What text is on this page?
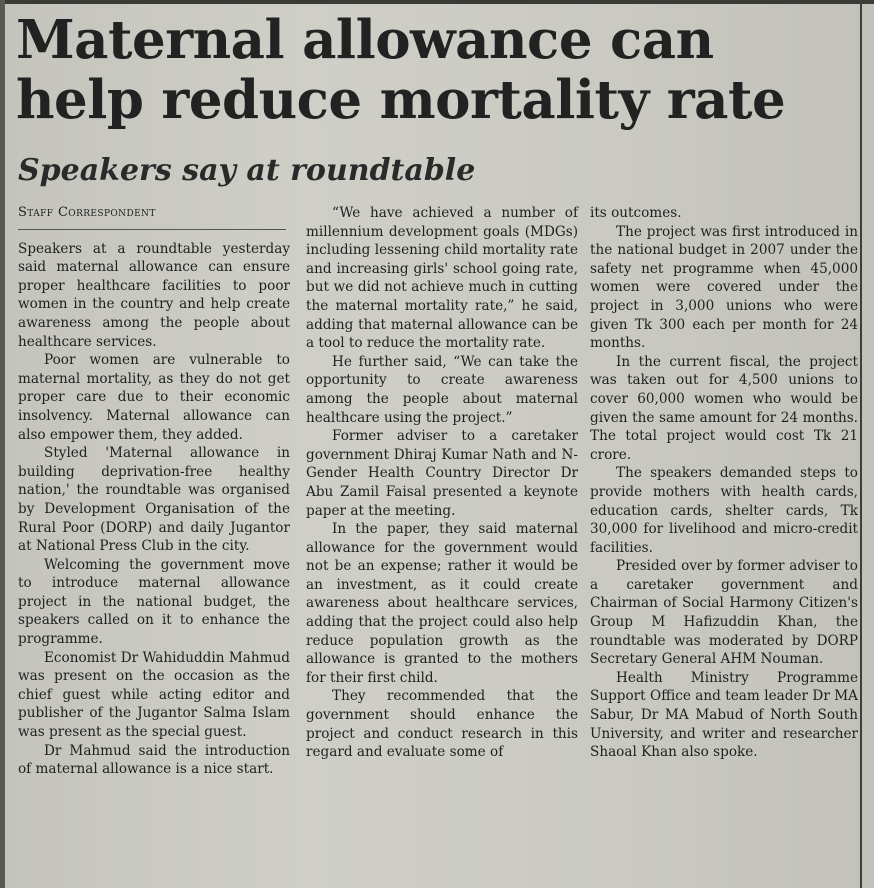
Maternal allowance can help reduce mortality rate
Speakers say at roundtable
Staff Correspondent

Speakers at a roundtable yesterday said maternal allowance can ensure proper healthcare facilities to poor women in the country and help create awareness among the people about healthcare services.

Poor women are vulnerable to maternal mortality, as they do not get proper care due to their economic insolvency. Maternal allowance can also empower them, they added.

Styled 'Maternal allowance in building deprivation-free healthy nation,' the roundtable was organised by Development Organisation of the Rural Poor (DORP) and daily Jugantor at National Press Club in the city.

Welcoming the government move to introduce maternal allowance project in the national budget, the speakers called on it to enhance the programme.

Economist Dr Wahiduddin Mahmud was present on the occasion as the chief guest while acting editor and publisher of the Jugantor Salma Islam was present as the special guest.

Dr Mahmud said the introduction of maternal allowance is a nice start.

“We have achieved a number of millennium development goals (MDGs) including lessening child mortality rate and increasing girls' school going rate, but we did not achieve much in cutting the maternal mortality rate,” he said, adding that maternal allowance can be a tool to reduce the mortality rate.

He further said, “We can take the opportunity to create awareness among the people about maternal healthcare using the project.”

Former adviser to a caretaker government Dhiraj Kumar Nath and N-Gender Health Country Director Dr Abu Zamil Faisal presented a keynote paper at the meeting.

In the paper, they said maternal allowance for the government would not be an expense; rather it would be an investment, as it could create awareness about healthcare services, adding that the project could also help reduce population growth as the allowance is granted to the mothers for their first child.

They recommended that the government should enhance the project and conduct research in this regard and evaluate some of

its outcomes.

The project was first introduced in the national budget in 2007 under the safety net programme when 45,000 women were covered under the project in 3,000 unions who were given Tk 300 each per month for 24 months.

In the current fiscal, the project was taken out for 4,500 unions to cover 60,000 women who would be given the same amount for 24 months. The total project would cost Tk 21 crore.

The speakers demanded steps to provide mothers with health cards, education cards, shelter cards, Tk 30,000 for livelihood and micro-credit facilities.

Presided over by former adviser to a caretaker government and Chairman of Social Harmony Citizen's Group M Hafizuddin Khan, the roundtable was moderated by DORP Secretary General AHM Nouman.

Health Ministry Programme Support Office and team leader Dr MA Sabur, Dr MA Mabud of North South University, and writer and researcher Shaoal Khan also spoke.
